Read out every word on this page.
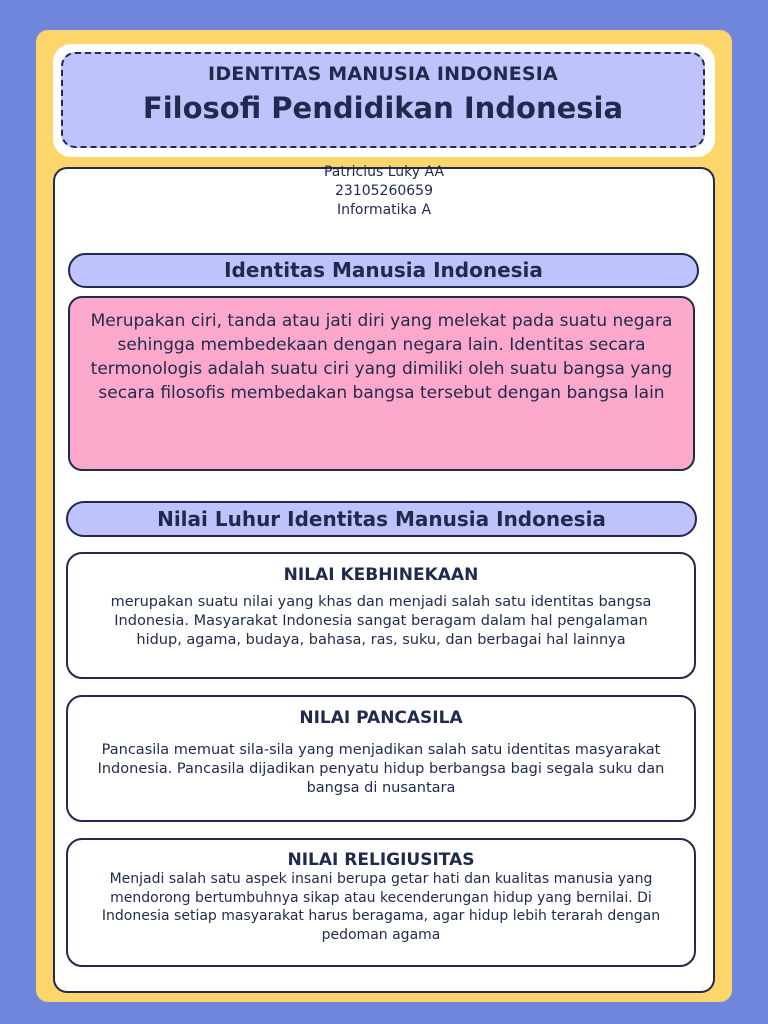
IDENTITAS MANUSIA INDONESIA
Filosofi Pendidikan Indonesia
Patricius Luky AA
23105260659
Informatika A
Identitas Manusia Indonesia
Merupakan ciri, tanda atau jati diri yang melekat pada suatu negara sehingga membedekaan dengan negara lain. Identitas secara termonologis adalah suatu ciri yang dimiliki oleh suatu bangsa yang secara filosofis membedakan bangsa tersebut dengan bangsa lain
Nilai Luhur Identitas Manusia Indonesia
NILAI KEBHINEKAAN
merupakan suatu nilai yang khas dan menjadi salah satu identitas bangsa Indonesia. Masyarakat Indonesia sangat beragam dalam hal pengalaman hidup, agama, budaya, bahasa, ras, suku, dan berbagai hal lainnya
NILAI PANCASILA
Pancasila memuat sila-sila yang menjadikan salah satu identitas masyarakat Indonesia. Pancasila dijadikan penyatu hidup berbangsa bagi segala suku dan bangsa di nusantara
NILAI RELIGIUSITAS
Menjadi salah satu aspek insani berupa getar hati dan kualitas manusia yang mendorong bertumbuhnya sikap atau kecenderungan hidup yang bernilai. Di Indonesia setiap masyarakat harus beragama, agar hidup lebih terarah dengan pedoman agama
